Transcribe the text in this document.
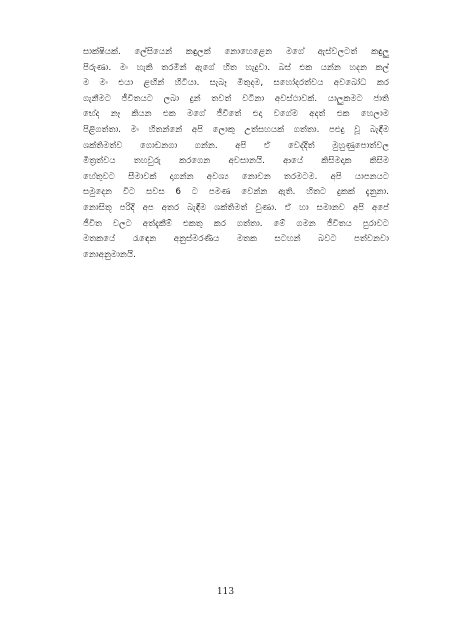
සාක්ෂියක්. ලේසියෙන් කඳුලක් නොහෙළෙන මගේ ඇස්වලටත් කඳුලු
පිරුණා. මං හැකි තරමින් ඇගේ හිත හැදුවා. බස් එක යන්න හදන කල්
ම මං එයා ළඟින් හිටියා. සැබෑ මිතුදම, සහෝදරත්වය අවබෝධ කර
ගැනීමට ජීවිතයට ලබා දුන් තවත් වටිනා අවස්ථාවක්. යාලුකමට ජාති
භේද නෑ කියන එක මගේ ජීවිතේ එදා වගේම අදත් එක හෙලාම
පිළිගත්තා. මං හිතන්නේ අපි ලොකු උත්සහයක් ගත්තා. පළුදු වූ බැඳීම
ශක්තිමත්ව ගොඩනගා ගන්න. අපි ඒ වෙද්දිත් මුහුණුපොත්වල
මිත්‍රත්වය තහවුරු කරගෙන අවසානයි. ආයේ කිසිමදාක කිසිම
හේතුවට සීමාවක් දාගන්න අවශ්‍ය නොවන තරමටම. අපි යාපනයට
සමුදෙන විට සවස 6 ට පමණ වෙන්න ඇති. හිතට දුකක් දැනුනා.
නොසිතූ පරිදි අප අතර බැඳීම ශක්තිමත් වුණා. ඒ හා සමානව අපි අපේ
ජීවිත වලට අත්දැකීම් එකතු කර ගත්තා. මේ ගමන ජීවිතය පුරාවට
මතකයේ රැඳෙන අනුස්මරණීය මතක සටහන් බවට පත්වනවා
නොඅනුමානයි.
113
